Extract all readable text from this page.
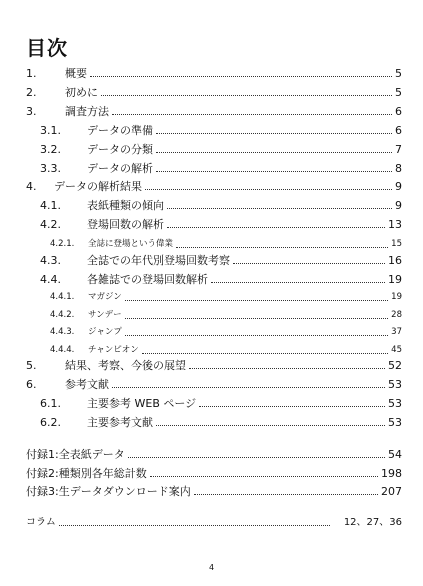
目次
1.	概要	5
2.	初めに	5
3.	調査方法	6
3.1.	データの準備	6
3.2.	データの分類	7
3.3.	データの解析	8
4.	データの解析結果	9
4.1.	表紙種類の傾向	9
4.2.	登場回数の解析	13
4.2.1.	全誌に登場という偉業	15
4.3.	全誌での年代別登場回数考察	16
4.4.	各雑誌での登場回数解析	19
4.4.1.	マガジン	19
4.4.2.	サンデー	28
4.4.3.	ジャンプ	37
4.4.4.	チャンピオン	45
5.	結果、考察、今後の展望	52
6.	参考文献	53
6.1.	主要参考 WEB ページ	53
6.2.	主要参考文献	53
付録1:全表紙データ	54
付録2:種類別各年総計数	198
付録3:生データダウンロード案内	207
コラム	12、27、36
4
